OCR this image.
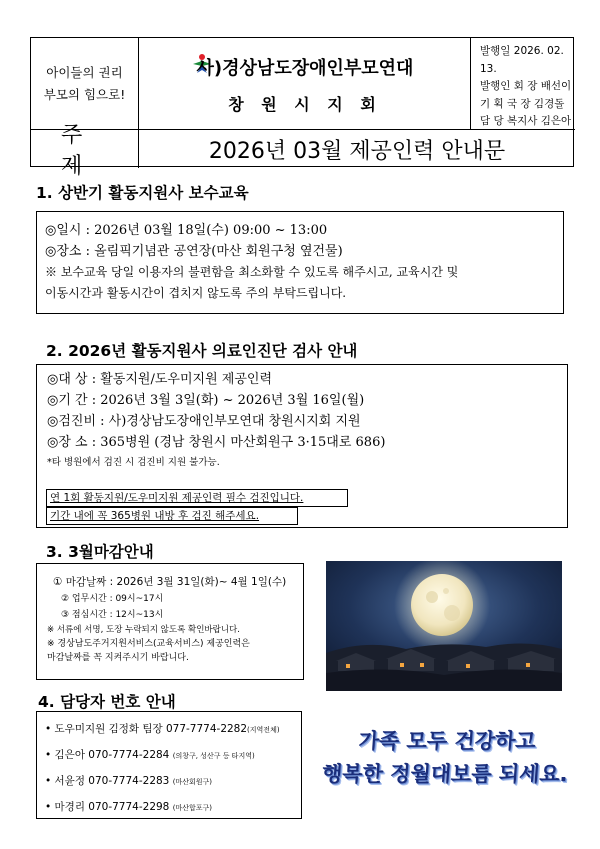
아이들의 권리
부모의 힘으로!
사)경상남도장애인부모연대
창 원 시 지 회
발행일 2026. 02. 13.
발행인 회 장 배선이
기 획 국 장 김경돌
담 당 복지사 김은아
주 제
2026년 03월 제공인력 안내문
1. 상반기 활동지원사 보수교육
◎일시 : 2026년 03월 18일(수) 09:00 ~ 13:00
◎장소 : 올림픽기념관 공연장(마산 회원구청 옆건물)
※ 보수교육 당일 이용자의 불편함을 최소화할 수 있도록 해주시고, 교육시간 및
이동시간과 활동시간이 겹치지 않도록 주의 부탁드립니다.
2. 2026년 활동지원사 의료인진단 검사 안내
◎대 상 : 활동지원/도우미지원 제공인력
◎기 간 : 2026년 3월 3일(화) ~ 2026년 3월 16일(월)
◎검진비 : 사)경상남도장애인부모연대 창원시지회 지원
◎장 소 : 365병원 (경남 창원시 마산회원구 3·15대로 686)
*타 병원에서 검진 시 검진비 지원 불가능.
연 1회 활동지원/도우미지원 제공인력 필수 검진입니다.
기간 내에 꼭 365병원 내방 후 검진 해주세요.
3. 3월마감안내
① 마감날짜 : 2026년 3월 31일(화)~ 4월 1일(수)
② 업무시간 : 09시~17시
③ 점심시간 : 12시~13시
※ 서류에 서명, 도장 누락되지 않도록 확인바랍니다.
※ 경상남도주거지원서비스(교육서비스) 제공인력은
마감날짜를 꼭 지켜주시기 바랍니다.
4. 담당자 번호 안내
• 도우미지원 김정화 팀장 077-7774-2282(지역전체)
• 김은아 070-7774-2284 (의창구, 성산구 등 타지역)
• 서윤정 070-7774-2283 (마산회원구)
• 마경리 070-7774-2298 (마산합포구)
가족 모두 건강하고
행복한 정월대보름 되세요.
